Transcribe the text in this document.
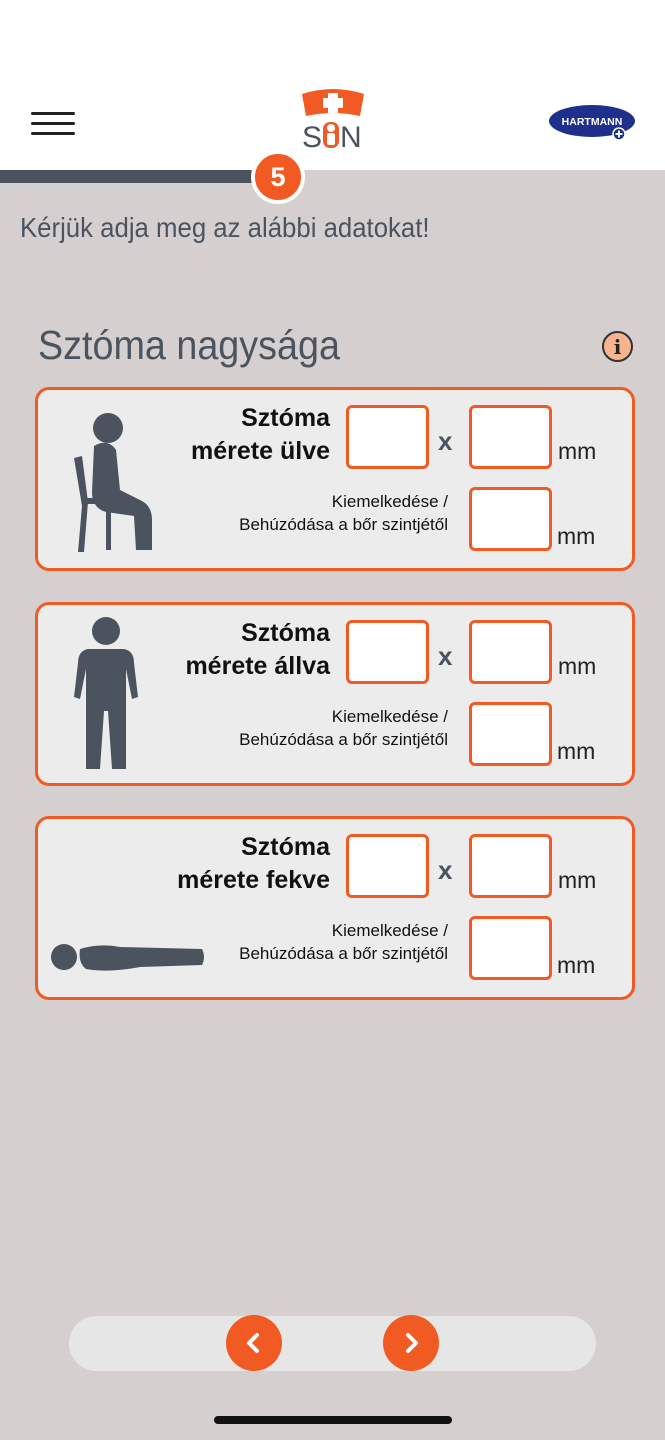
S N	HARTMANN
5
Kérjük adja meg az alábbi adatokat!
Sztóma nagysága	i
Sztóma
mérete ülve	x	mm
Kiemelkedése /
Behúzódása a bőr szintjétől	mm
Sztóma
mérete állva	x	mm
Kiemelkedése /
Behúzódása a bőr szintjétől	mm
Sztóma
mérete fekve	x	mm
Kiemelkedése /
Behúzódása a bőr szintjétől	mm
